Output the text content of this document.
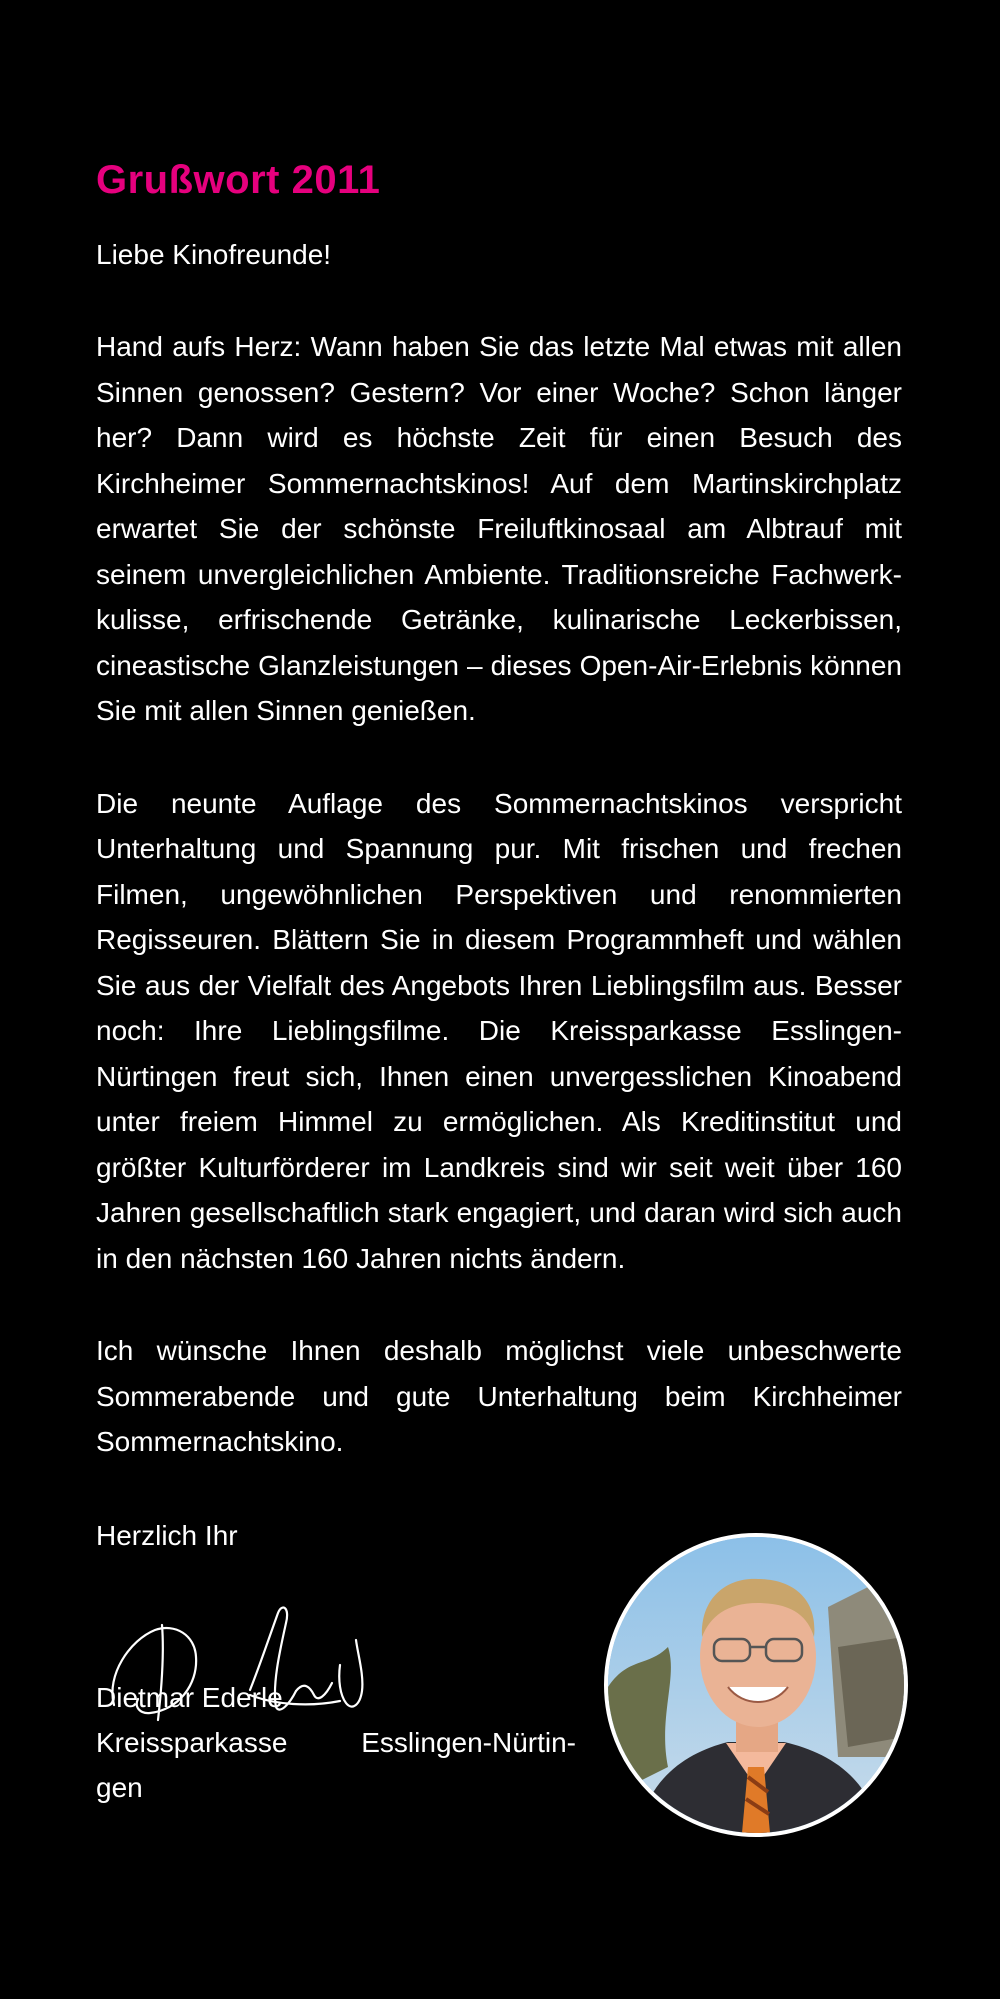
Grußwort 2011

Liebe Kinofreunde!

Hand aufs Herz: Wann haben Sie das letzte Mal etwas mit allen Sinnen genossen? Gestern? Vor einer Woche? Schon länger her? Dann wird es höchste Zeit für einen Besuch des Kirchheimer Sommernachtskinos! Auf dem Martinskirchplatz erwartet Sie der schönste Freiluftkinosaal am Albtrauf mit seinem unvergleichlichen Ambiente. Traditionsreiche Fachwerkkulisse, erfrischende Getränke, kulinarische Leckerbissen, cineastische Glanzleistungen – dieses Open-Air-Erlebnis können Sie mit allen Sinnen genießen.

Die neunte Auflage des Sommernachtskinos verspricht Unterhaltung und Spannung pur. Mit frischen und frechen Filmen, ungewöhnlichen Perspektiven und renommierten Regisseuren. Blättern Sie in diesem Programmheft und wählen Sie aus der Vielfalt des Angebots Ihren Lieblingsfilm aus. Besser noch: Ihre Lieblingsfilme. Die Kreissparkasse Esslingen-Nürtingen freut sich, Ihnen einen unvergesslichen Kinoabend unter freiem Himmel zu ermöglichen. Als Kreditinstitut und größter Kulturförderer im Landkreis sind wir seit weit über 160 Jahren gesellschaftlich stark engagiert, und daran wird sich auch in den nächsten 160 Jahren nichts ändern.

Ich wünsche Ihnen deshalb möglichst viele unbeschwerte Sommerabende und gute Unterhaltung beim Kirchheimer Sommernachtskino.

Herzlich Ihr

Dietmar Ederle
Kreissparkasse	Esslingen-Nürtin-
gen
